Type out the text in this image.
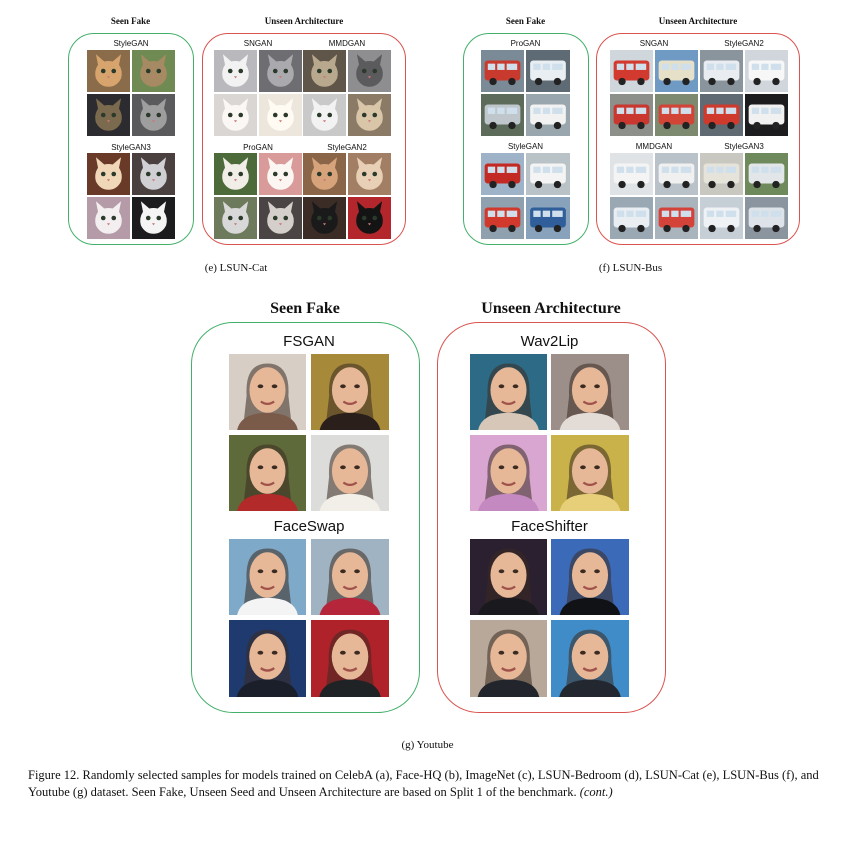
Seen Fake	Unseen Architecture
StyleGAN
StyleGAN3
SNGAN	MMDGAN
ProGAN	StyleGAN2
(e) LSUN-Cat
Seen Fake	Unseen Architecture
ProGAN
StyleGAN
SNGAN	StyleGAN2
MMDGAN	StyleGAN3
(f) LSUN-Bus
Seen Fake	Unseen Architecture
FSGAN
FaceSwap
Wav2Lip
FaceShifter
(g) Youtube
Figure 12. Randomly selected samples for models trained on CelebA (a), Face-HQ (b), ImageNet (c), LSUN-Bedroom (d), LSUN-Cat (e), LSUN-Bus (f), and Youtube (g) dataset. Seen Fake, Unseen Seed and Unseen Architecture are based on Split 1 of the benchmark. (cont.)
